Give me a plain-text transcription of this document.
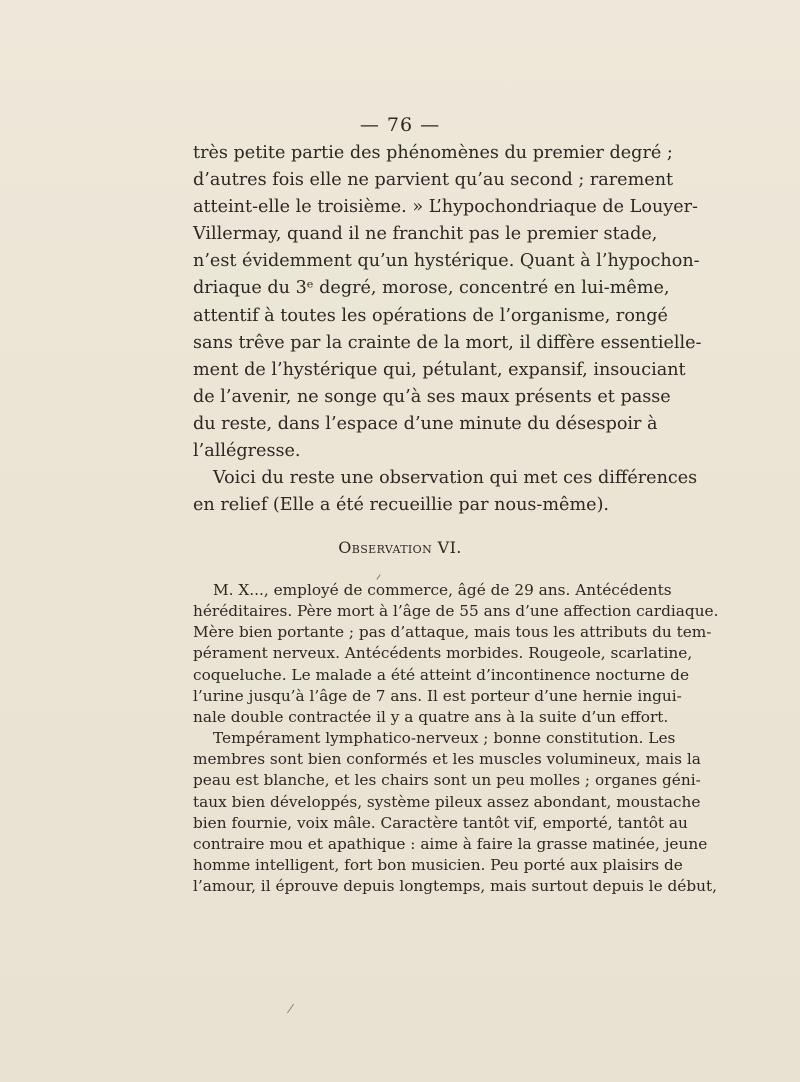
— 76 —
très petite partie des phénomènes du premier degré ;
d’autres fois elle ne parvient qu’au second ; rarement
atteint-elle le troisième. » L’hypochondriaque de Louyer-
Villermay, quand il ne franchit pas le premier stade,
n’est évidemment qu’un hystérique. Quant à l’hypochon-
driaque du 3ᵉ degré, morose, concentré en lui-même,
attentif à toutes les opérations de l’organisme, rongé
sans trêve par la crainte de la mort, il diffère essentielle-
ment de l’hystérique qui, pétulant, expansif, insouciant
de l’avenir, ne songe qu’à ses maux présents et passe
du reste, dans l’espace d’une minute du désespoir à
l’allégresse.
Voici du reste une observation qui met ces différences
en relief (Elle a été recueillie par nous-même).
Observation VI.
M. X..., employé de commerce, âgé de 29 ans. Antécédents
héréditaires. Père mort à l’âge de 55 ans d’une affection cardiaque.
Mère bien portante ; pas d’attaque, mais tous les attributs du tem-
pérament nerveux. Antécédents morbides. Rougeole, scarlatine,
coqueluche. Le malade a été atteint d’incontinence nocturne de
l’urine jusqu’à l’âge de 7 ans. Il est porteur d’une hernie ingui-
nale double contractée il y a quatre ans à la suite d’un effort.
Tempérament lymphatico-nerveux ; bonne constitution. Les
membres sont bien conformés et les muscles volumineux, mais la
peau est blanche, et les chairs sont un peu molles ; organes géni-
taux bien développés, système pileux assez abondant, moustache
bien fournie, voix mâle. Caractère tantôt vif, emporté, tantôt au
contraire mou et apathique : aime à faire la grasse matinée, jeune
homme intelligent, fort bon musicien. Peu porté aux plaisirs de
l’amour, il éprouve depuis longtemps, mais surtout depuis le début,
